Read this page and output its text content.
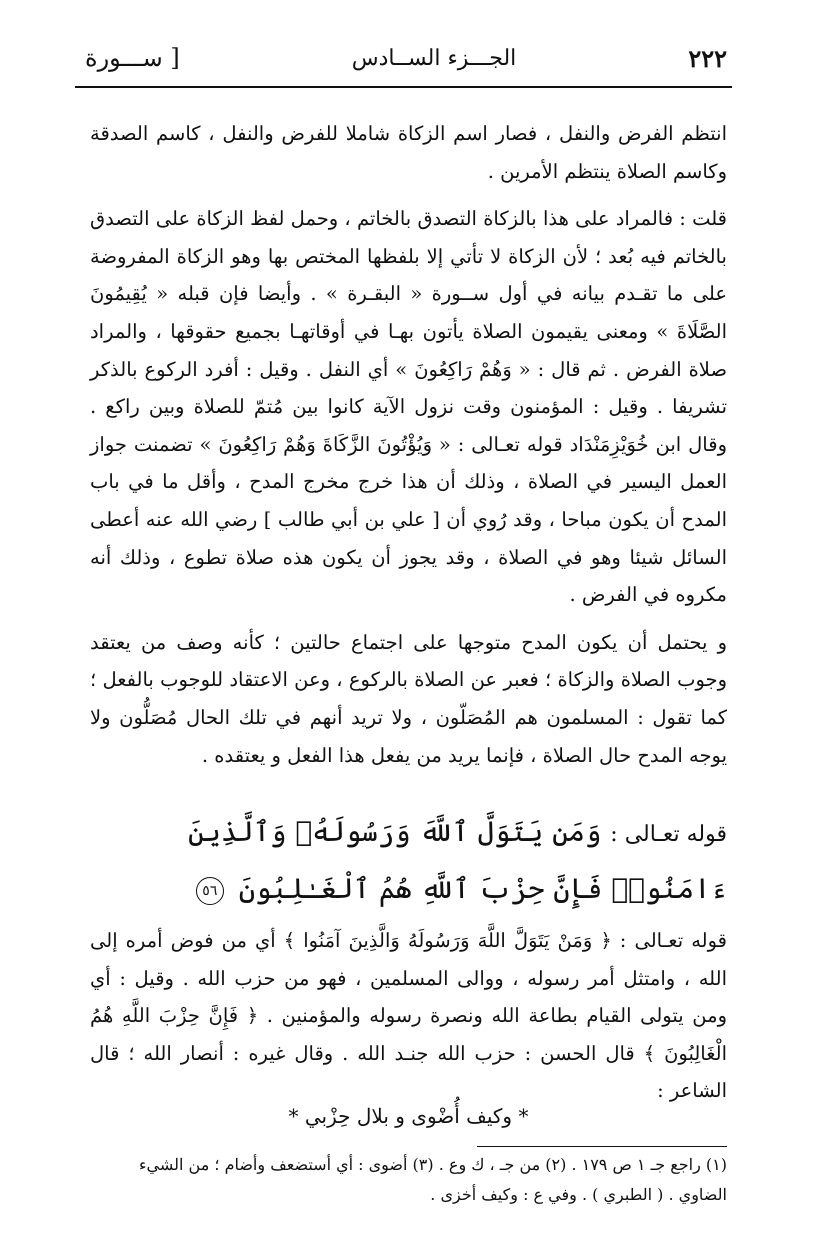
٢٢٢
الجـــزء الســادس
[ ســـورة

انتظم الفرض والنفل ، فصار اسم الزكاة شاملا للفرض والنفل ، كاسم الصدقة وكاسم الصلاة ينتظم الأمرين .

قلت : فالمراد على هذا بالزكاة التصدق بالخاتم ، وحمل لفظ الزكاة على التصدق بالخاتم فيه بُعد ؛ لأن الزكاة لا تأتي إلا بلفظها المختص بها وهو الزكاة المفروضة على ما تقـدم بيانه في أول ســورة « البقـرة » . وأيضا فإن قبله « يُقِيمُونَ الصَّلَاةَ » ومعنى يقيمون الصلاة يأتون بهـا في أوقاتهـا بجميع حقوقها ، والمراد صلاة الفرض . ثم قال : « وَهُمْ رَاكِعُونَ » أي النفل . وقيل : أفرد الركوع بالذكر تشريفا . وقيل : المؤمنون وقت نزول الآية كانوا بين مُتمّ للصلاة وبين راكع . وقال ابن خُوَيْزِمَنْدَاد قوله تعـالى : « وَيُؤْتُونَ الزَّكَاةَ وَهُمْ رَاكِعُونَ » تضمنت جواز العمل اليسير في الصلاة ، وذلك أن هذا خرج مخرج المدح ، وأقل ما في باب المدح أن يكون مباحا ، وقد رُوي أن [ علي بن أبي طالب ] رضي الله عنه أعطى السائل شيئا وهو في الصلاة ، وقد يجوز أن يكون هذه صلاة تطوع ، وذلك أنه مكروه في الفرض .

و يحتمل أن يكون المدح متوجها على اجتماع حالتين ؛ كأنه وصف من يعتقد وجوب الصلاة والزكاة ؛ فعبر عن الصلاة بالركوع ، وعن الاعتقاد للوجوب بالفعل ؛ كما تقول : المسلمون هم المُصَلّون ، ولا تريد أنهم في تلك الحال مُصَلُّون ولا يوجه المدح حال الصلاة ، فإنما يريد من يفعل هذا الفعل و يعتقده .

قوله تعـالى : وَمَن يَتَوَلَّ ٱللَّهَ وَرَسُولَهُۥ وَٱلَّذِينَ ءَامَنُوا۟ فَإِنَّ حِزْبَ ٱللَّهِ هُمُ ٱلْغَـٰلِبُونَ ٥٦

قوله تعـالى : ﴿ وَمَنْ يَتَوَلَّ اللَّهَ وَرَسُولَهُ وَالَّذِينَ آمَنُوا ﴾ أي من فوض أمره إلى الله ، وامتثل أمر رسوله ، ووالى المسلمين ، فهو من حزب الله . وقيل : أي ومن يتولى القيام بطاعة الله ونصرة رسوله والمؤمنين . ﴿ فَإِنَّ حِزْبَ اللَّهِ هُمُ الْغَالِبُونَ ﴾ قال الحسن : حزب الله جنـد الله . وقال غيره : أنصار الله ؛ قال الشاعر :

* وكيف أُضْوى و بلال حِزْبي *

(١) راجع جـ ١ ص ١٧٩ . (٢) من جـ ، ك وع . (٣) أضوى : أي أستضعف وأضام ؛ من الشيء

الضاوي . ( الطبري ) . وفي ع : وكيف أخزى .
